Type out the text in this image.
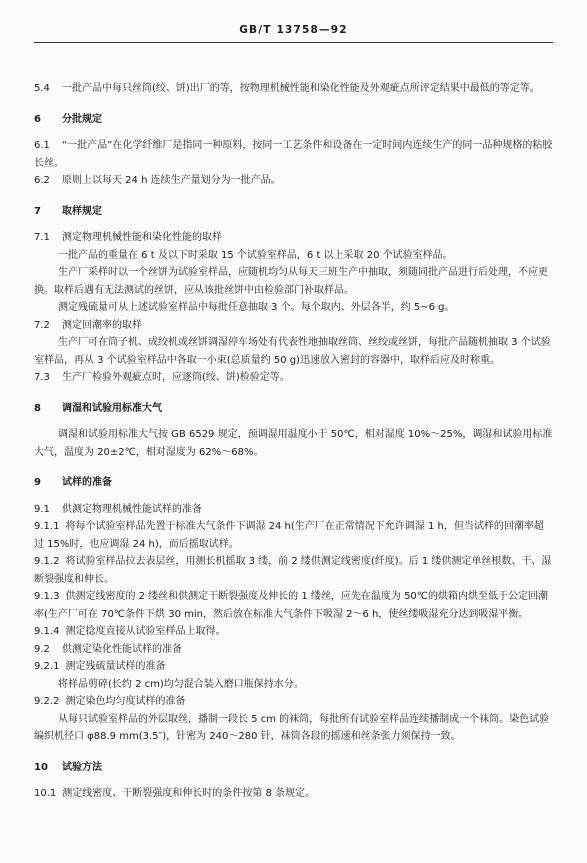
GB/T 13758—92

5.4 一批产品中每只丝筒(绞、饼)出厂的等，按物理机械性能和染化性能及外观疵点所评定结果中最低的等定等。

6 分批规定

6.1 “一批产品”在化学纤维厂是指同一种原料，按同一工艺条件和设备在一定时间内连续生产的同一品种规格的粘胶长丝。

6.2 原则上以每天 24 h 连续生产量划分为一批产品。

7 取样规定

7.1 测定物理机械性能和染化性能的取样

一批产品的重量在 6 t 及以下时采取 15 个试验室样品，6 t 以上采取 20 个试验室样品。

生产厂采样时以一个丝饼为试验室样品，应随机均匀从每天三班生产中抽取，须随同批产品进行后处理，不应更换。取样后遇有无法测试的丝饼，应从该批丝饼中由检验部门补取样品。

测定残硫量可从上述试验室样品中每批任意抽取 3 个。每个取内、外层各半，约 5~6 g。

7.2 测定回潮率的取样

生产厂可在筒子机、成绞机或丝饼调湿停车场处有代表性地抽取丝筒、丝绞或丝饼，每批产品随机抽取 3 个试验室样品，再从 3 个试验室样品中各取一小束(总质量约 50 g)迅速放入密封的容器中，取样后应及时称重。

7.3 生产厂检验外观疵点时，应逐筒(绞、饼)检验定等。

8 调湿和试验用标准大气

调湿和试验用标准大气按 GB 6529 规定，预调湿用温度小于 50℃，相对湿度 10%～25%，调湿和试验用标准大气，温度为 20±2℃，相对湿度为 62%～68%。

9 试样的准备

9.1 供测定物理机械性能试样的准备

9.1.1 将每个试验室样品先置于标准大气条件下调湿 24 h(生产厂在正常情况下允许调湿 1 h，但当试样的回潮率超过 15%时，也应调湿 24 h)，而后摇取试样。

9.1.2 将试验室样品拉去表层丝，用测长机摇取 3 缕，前 2 缕供测定线密度(纤度)。后 1 缕供测定单丝根数、干、湿断裂强度和伸长。

9.1.3 供测定线密度的 2 缕丝和供测定干断裂强度及伸长的 1 缕丝，应先在温度为 50℃的烘箱内烘至低于公定回潮率(生产厂可在 70℃条件下烘 30 min，然后放在标准大气条件下吸湿 2～6 h，使丝缕吸湿充分达到吸湿平衡。

9.1.4 测定捻度直接从试验室样品上取得。

9.2 供测定染化性能试样的准备

9.2.1 测定残硫量试样的准备

将样品剪碎(长约 2 cm)均匀混合装入磨口瓶保持水分。

9.2.2 测定染色均匀度试样的准备

从每只试验室样品的外层取丝，播制一段长 5 cm 的袜筒，每批所有试验室样品连续播制成一个袜筒。染色试验编织机径口 φ88.9 mm(3.5″)，针密为 240～280 针，袜筒各段的摇速和丝条张力须保持一致。

10 试验方法

10.1 测定线密度、干断裂强度和伸长时的条件按第 8 条规定。
